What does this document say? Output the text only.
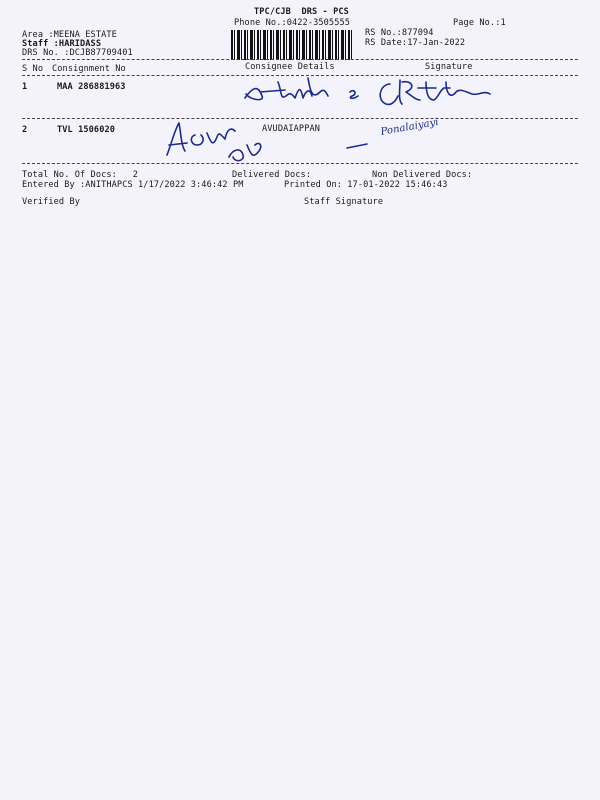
TPC/CJB  DRS - PCS
Phone No.:0422-3505555	Page No.:1
Area :MEENA ESTATE
Staff :HARIDASS
DRS No. :DCJB87709401
RS No.:877094
RS Date:17-Jan-2022
S No Consignment No	Consignee Details	Signature
1	MAA 286881963
2	TVL 1506020	AVUDAIAPPAN	Ponalaiyayi
Total No. Of Docs:   2	Delivered Docs:	Non Delivered Docs:
Entered By :ANITHAPCS 1/17/2022 3:46:42 PM	Printed On: 17-01-2022 15:46:43
Verified By	Staff Signature
